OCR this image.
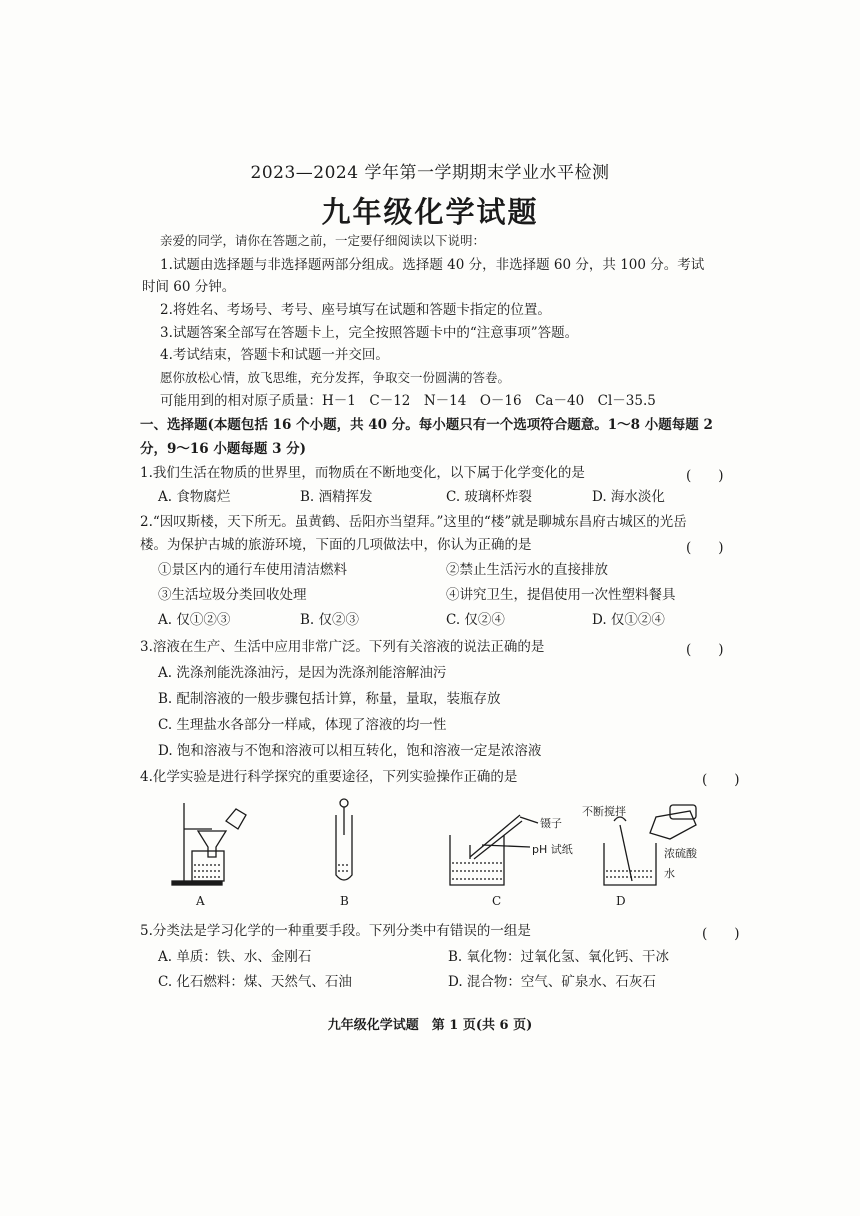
2023—2024 学年第一学期期末学业水平检测
九年级化学试题
亲爱的同学，请你在答题之前，一定要仔细阅读以下说明：
1.试题由选择题与非选择题两部分组成。选择题 40 分，非选择题 60 分，共 100 分。考试
时间 60 分钟。
2.将姓名、考场号、考号、座号填写在试题和答题卡指定的位置。
3.试题答案全部写在答题卡上，完全按照答题卡中的“注意事项”答题。
4.考试结束，答题卡和试题一并交回。
愿你放松心情，放飞思维，充分发挥，争取交一份圆满的答卷。
可能用到的相对原子质量：H－1　C－12　N－14　O－16　Ca－40　Cl－35.5
一、选择题(本题包括 16 个小题，共 40 分。每小题只有一个选项符合题意。1～8 小题每题 2
分，9～16 小题每题 3 分)
1.我们生活在物质的世界里，而物质在不断地变化，以下属于化学变化的是	(　　)
A. 食物腐烂	B. 酒精挥发	C. 玻璃杯炸裂	D. 海水淡化
2.“因叹斯楼，天下所无。虽黄鹤、岳阳亦当望拜。”这里的“楼”就是聊城东昌府古城区的光岳
楼。为保护古城的旅游环境，下面的几项做法中，你认为正确的是	(　　)
①景区内的通行车使用清洁燃料	②禁止生活污水的直接排放
③生活垃圾分类回收处理	④讲究卫生，提倡使用一次性塑料餐具
A. 仅①②③	B. 仅②③	C. 仅②④	D. 仅①②④
3.溶液在生产、生活中应用非常广泛。下列有关溶液的说法正确的是	(　　)
A. 洗涤剂能洗涤油污，是因为洗涤剂能溶解油污
B. 配制溶液的一般步骤包括计算，称量，量取，装瓶存放
C. 生理盐水各部分一样咸，体现了溶液的均一性
D. 饱和溶液与不饱和溶液可以相互转化，饱和溶液一定是浓溶液
4.化学实验是进行科学探究的重要途径，下列实验操作正确的是	(　　)
A	B
镊子
pH 试纸
C
不断搅拌
浓硫酸
水
D
5.分类法是学习化学的一种重要手段。下列分类中有错误的一组是	(　　)
A. 单质：铁、水、金刚石	B. 氧化物：过氧化氢、氧化钙、干冰
C. 化石燃料：煤、天然气、石油	D. 混合物：空气、矿泉水、石灰石
九年级化学试题　第 1 页(共 6 页)
